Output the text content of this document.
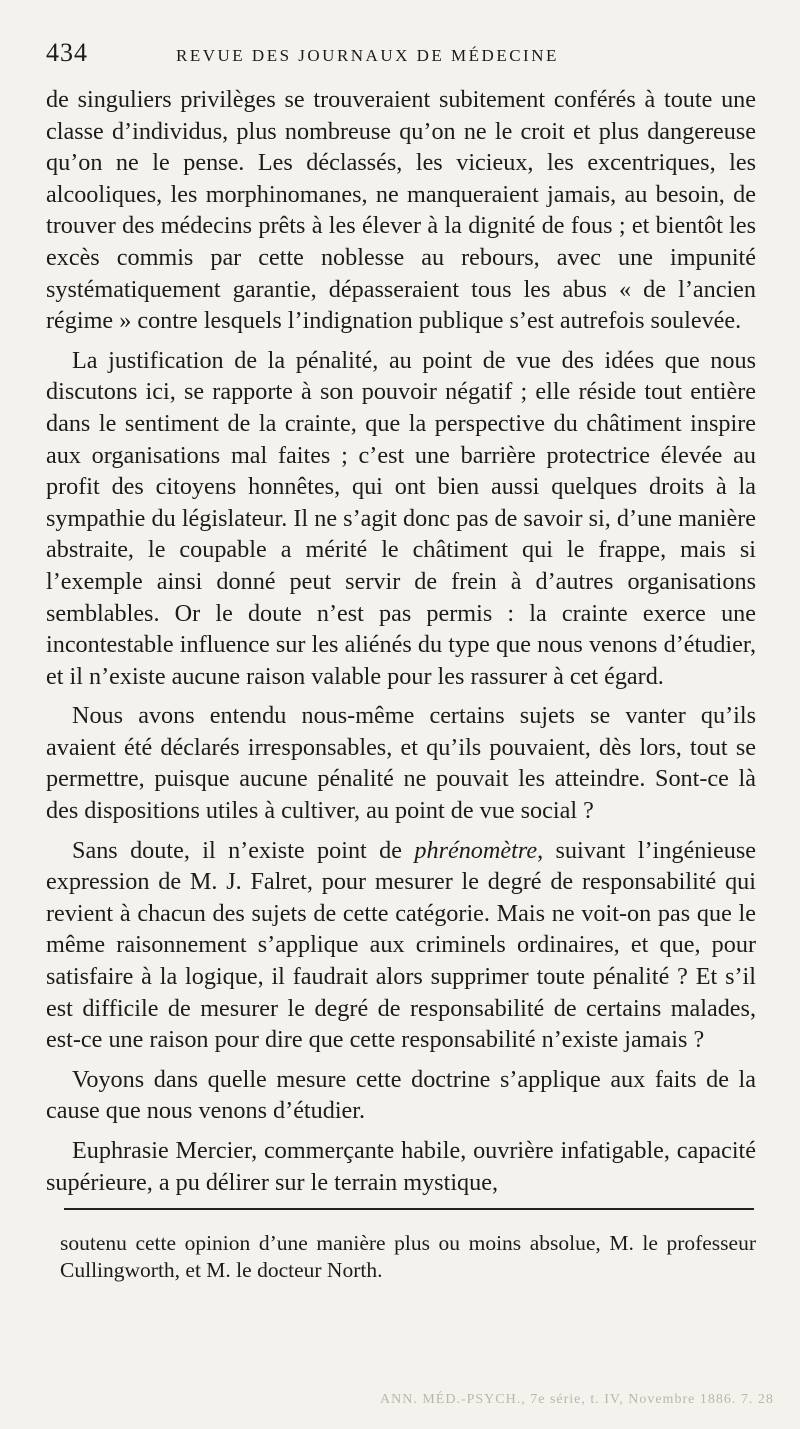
434	REVUE DES JOURNAUX DE MÉDECINE

de singuliers privilèges se trouveraient subitement conférés à toute une classe d’individus, plus nombreuse qu’on ne le croit et plus dangereuse qu’on ne le pense. Les déclassés, les vicieux, les excentriques, les alcooliques, les morphinomanes, ne manqueraient jamais, au besoin, de trouver des médecins prêts à les élever à la dignité de fous ; et bientôt les excès commis par cette noblesse au rebours, avec une impunité systématiquement garantie, dépasseraient tous les abus « de l’ancien régime » contre lesquels l’indignation publique s’est autrefois soulevée.

La justification de la pénalité, au point de vue des idées que nous discutons ici, se rapporte à son pouvoir négatif ; elle réside tout entière dans le sentiment de la crainte, que la perspective du châtiment inspire aux organisations mal faites ; c’est une barrière protectrice élevée au profit des citoyens honnêtes, qui ont bien aussi quelques droits à la sympathie du législateur. Il ne s’agit donc pas de savoir si, d’une manière abstraite, le coupable a mérité le châtiment qui le frappe, mais si l’exemple ainsi donné peut servir de frein à d’autres organisations semblables. Or le doute n’est pas permis : la crainte exerce une incontestable influence sur les aliénés du type que nous venons d’étudier, et il n’existe aucune raison valable pour les rassurer à cet égard.

Nous avons entendu nous-même certains sujets se vanter qu’ils avaient été déclarés irresponsables, et qu’ils pouvaient, dès lors, tout se permettre, puisque aucune pénalité ne pouvait les atteindre. Sont-ce là des dispositions utiles à cultiver, au point de vue social ?

Sans doute, il n’existe point de phrénomètre, suivant l’ingénieuse expression de M. J. Falret, pour mesurer le degré de responsabilité qui revient à chacun des sujets de cette catégorie. Mais ne voit-on pas que le même raisonnement s’applique aux criminels ordinaires, et que, pour satisfaire à la logique, il faudrait alors supprimer toute pénalité ? Et s’il est difficile de mesurer le degré de responsabilité de certains malades, est-ce une raison pour dire que cette responsabilité n’existe jamais ?

Voyons dans quelle mesure cette doctrine s’applique aux faits de la cause que nous venons d’étudier.

Euphrasie Mercier, commerçante habile, ouvrière infatigable, capacité supérieure, a pu délirer sur le terrain mystique,

soutenu cette opinion d’une manière plus ou moins absolue, M. le professeur Cullingworth, et M. le docteur North.
ANN. MÉD.-PSYCH., 7e série, t. IV, Novembre 1886. 7. 28
